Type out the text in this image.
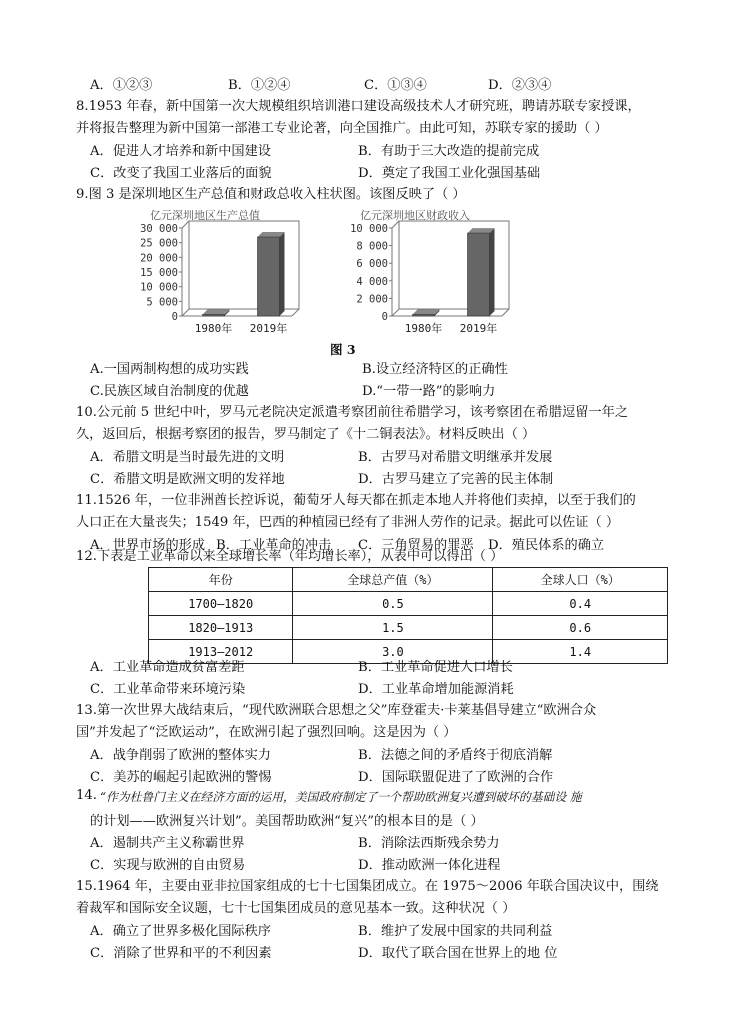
A．①②③	B．①②④	C．①③④	D．②③④
8.1953 年春，新中国第一次大规模组织培训港口建设高级技术人才研究班，聘请苏联专家授课，
并将报告整理为新中国第一部港工专业论著，向全国推广。由此可知，苏联专家的援助（ ）
A．促进人才培养和新中国建设	B．有助于三大改造的提前完成
C．改变了我国工业落后的面貌	D．奠定了我国工业化强国基础
9.图 3 是深圳地区生产总值和财政总收入柱状图。该图反映了（ ）
亿元 深圳地区生产总值
30 000
25 000
20 000
15 000
10 000
5 000
0
1980年 2019年
亿元 深圳地区财政收入
10 000
8 000
6 000
4 000
2 000
0
1980年 2019年
图 3
A.一国两制构想的成功实践	B.设立经济特区的正确性
C.民族区域自治制度的优越	D.“一带一路”的影响力
10.公元前 5 世纪中叶，罗马元老院决定派遣考察团前往希腊学习，该考察团在希腊逗留一年之
久，返回后，根据考察团的报告，罗马制定了《十二铜表法》。材料反映出（ ）
A．希腊文明是当时最先进的文明	B．古罗马对希腊文明继承并发展
C．希腊文明是欧洲文明的发祥地	D．古罗马建立了完善的民主体制
11.1526 年，一位非洲酋长控诉说，葡萄牙人每天都在抓走本地人并将他们卖掉，以至于我们的
人口正在大量丧失；1549 年，巴西的种植园已经有了非洲人劳作的记录。据此可以佐证（ ）
A．世界市场的形成 B．工业革命的冲击 C．三角贸易的罪恶 D．殖民体系的确立
12.下表是工业革命以来全球增长率（年均增长率），从表中可以得出（ ）
年份	全球总产值（%）	全球人口（%）
1700—1820	0.5	0.4
1820—1913	1.5	0.6
1913—2012	3.0	1.4
A．工业革命造成贫富差距	B．工业革命促进人口增长
C．工业革命带来环境污染	D．工业革命增加能源消耗
13.第一次世界大战结束后，“现代欧洲联合思想之父”库登霍夫·卡莱基倡导建立“欧洲合众
国”并发起了“泛欧运动”，在欧洲引起了强烈回响。这是因为（ ）
A．战争削弱了欧洲的整体实力	B．法德之间的矛盾终于彻底消解
C．美苏的崛起引起欧洲的警惕	D．国际联盟促进了了欧洲的合作
14. “作为杜鲁门主义在经济方面的运用，美国政府制定了一个帮助欧洲复兴遭到破坏的基础设 施
的计划——欧洲复兴计划”。美国帮助欧洲“复兴”的根本目的是（ ）
A．遏制共产主义称霸世界	B．消除法西斯残余势力
C．实现与欧洲的自由贸易	D．推动欧洲一体化进程
15.1964 年，主要由亚非拉国家组成的七十七国集团成立。在 1975～2006 年联合国决议中，围绕
着裁军和国际安全议题，七十七国集团成员的意见基本一致。这种状况（ ）
A．确立了世界多极化国际秩序	B．维护了发展中国家的共同利益
C．消除了世界和平的不利因素	D．取代了联合国在世界上的地 位
